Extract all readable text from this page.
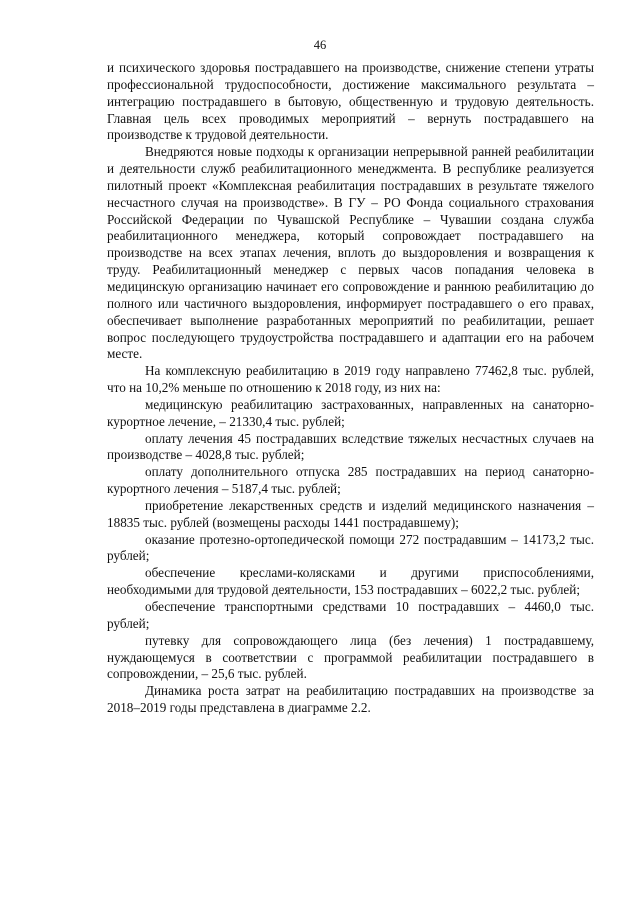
46

и психического здоровья пострадавшего на производстве, снижение степени утраты профессиональной трудоспособности, достижение максимального результата – интеграцию пострадавшего в бытовую, общественную и трудовую деятельность. Главная цель всех проводимых мероприятий – вернуть пострадавшего на производстве к трудовой деятельности.

Внедряются новые подходы к организации непрерывной ранней реабилитации и деятельности служб реабилитационного менеджмента. В республике реализуется пилотный проект «Комплексная реабилитация пострадавших в результате тяжелого несчастного случая на производстве». В ГУ – РО Фонда социального страхования Российской Федерации по Чувашской Республике – Чувашии создана служба реабилитационного менеджера, который сопровождает пострадавшего на производстве на всех этапах лечения, вплоть до выздоровления и возвращения к труду. Реабилитационный менеджер с первых часов попадания человека в медицинскую организацию начинает его сопровождение и раннюю реабилитацию до полного или частичного выздоровления, информирует пострадавшего о его правах, обеспечивает выполнение разработанных мероприятий по реабилитации, решает вопрос последующего трудоустройства пострадавшего и адаптации его на рабочем месте.

На комплексную реабилитацию в 2019 году направлено 77462,8 тыс. рублей, что на 10,2% меньше по отношению к 2018 году, из них на:

медицинскую реабилитацию застрахованных, направленных на санаторно-курортное лечение, – 21330,4 тыс. рублей;

оплату лечения 45 пострадавших вследствие тяжелых несчастных случаев на производстве – 4028,8 тыс. рублей;

оплату дополнительного отпуска 285 пострадавших на период санаторно-курортного лечения – 5187,4 тыс. рублей;

приобретение лекарственных средств и изделий медицинского назначения – 18835 тыс. рублей (возмещены расходы 1441 пострадавшему);

оказание протезно-ортопедической помощи 272 пострадавшим – 14173,2 тыс. рублей;

обеспечение креслами-колясками и другими приспособлениями, необходимыми для трудовой деятельности, 153 пострадавших – 6022,2 тыс. рублей;

обеспечение транспортными средствами 10 пострадавших – 4460,0 тыс. рублей;

путевку для сопровождающего лица (без лечения) 1 пострадавшему, нуждающемуся в соответствии с программой реабилитации пострадавшего в сопровождении, – 25,6 тыс. рублей.

Динамика роста затрат на реабилитацию пострадавших на производстве за 2018–2019 годы представлена в диаграмме 2.2.
